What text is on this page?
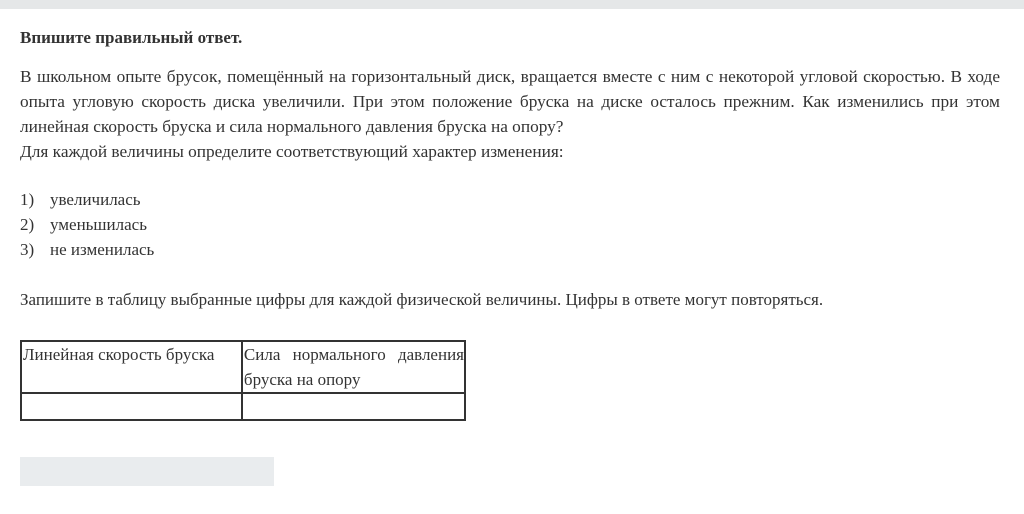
Впишите правильный ответ.

В школьном опыте брусок, помещённый на горизонтальный диск, вращается вместе с ним с некоторой угловой скоростью. В ходе опыта угловую скорость диска увеличили. При этом положение бруска на диске осталось прежним. Как изменились при этом линейная скорость бруска и сила нормального давления бруска на опору?

Для каждой величины определите соответствующий характер изменения:

1) увеличилась
2) уменьшилась
3) не изменилась

Запишите в таблицу выбранные цифры для каждой физической величины. Цифры в ответе могут повторяться.

Линейная скорость бруска	Сила нормального давления бруска на опору
